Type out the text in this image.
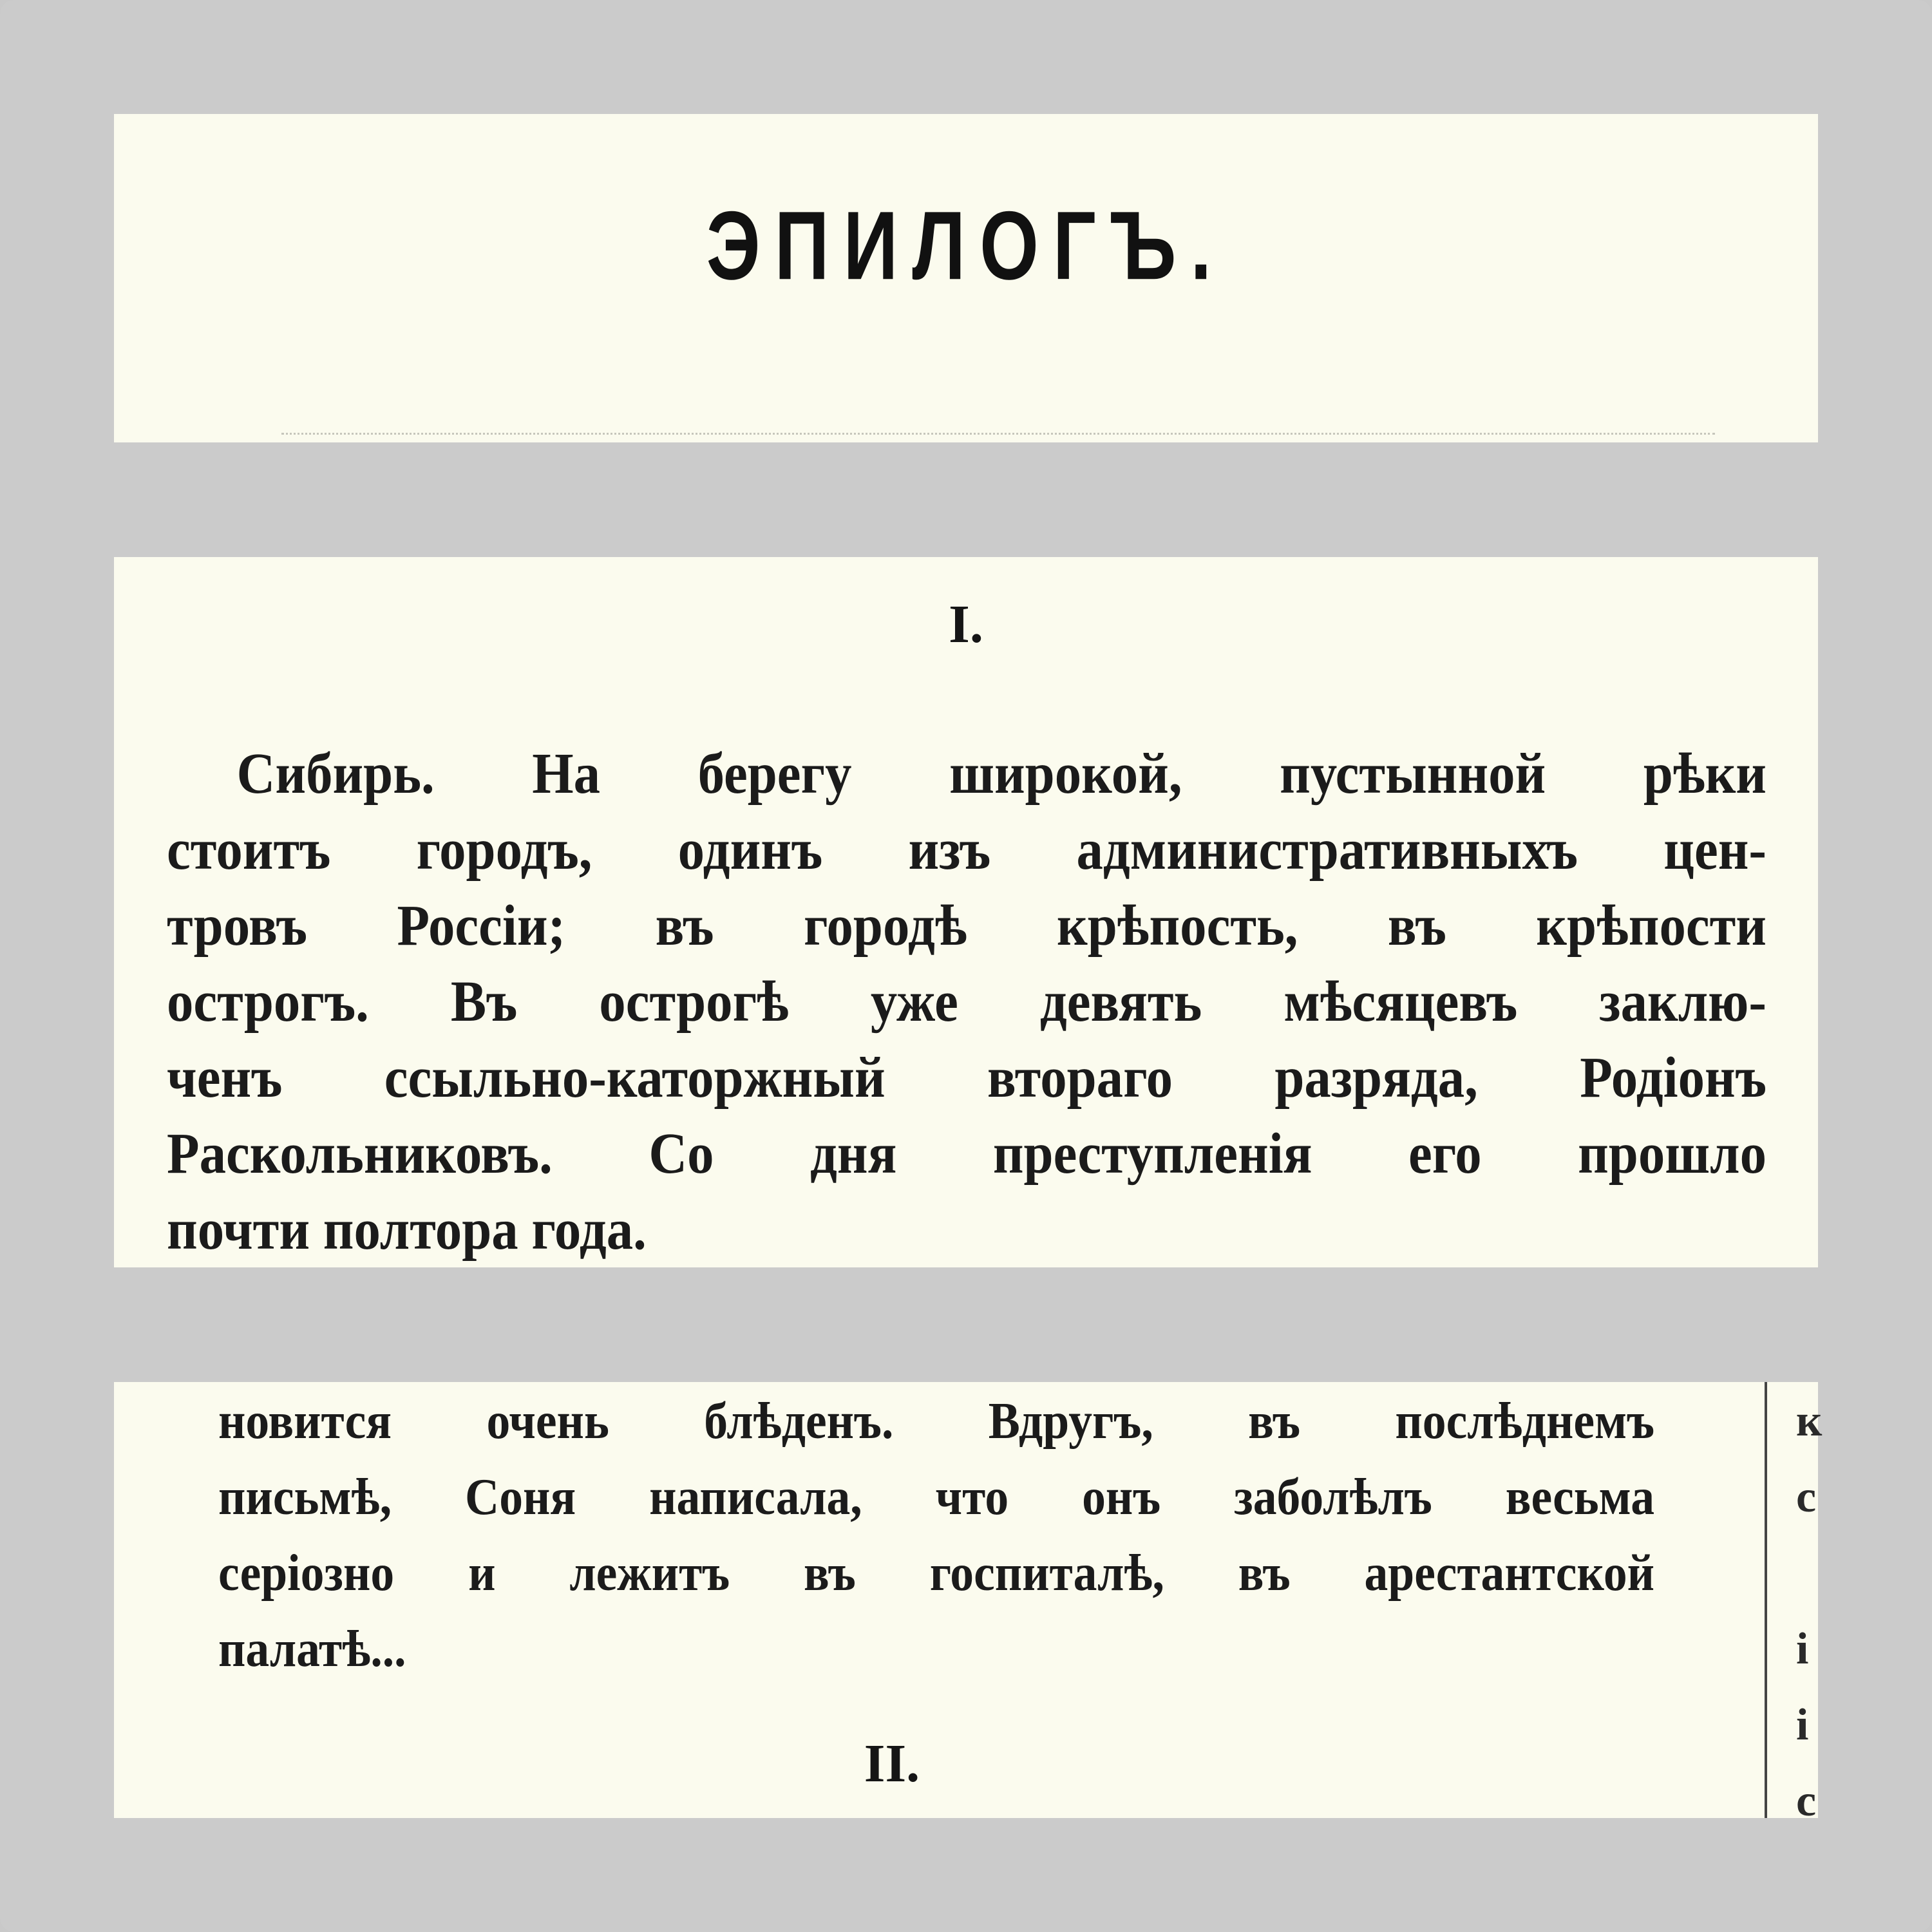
ЭПИЛОГЪ.
I.
Сибирь. На берегу широкой, пустынной рѣки
стоитъ городъ, одинъ изъ административныхъ цен-
тровъ Россіи; въ городѣ крѣпость, въ крѣпости
острогъ. Въ острогѣ уже девять мѣсяцевъ заклю-
ченъ ссыльно-каторжный втораго разряда, Родіонъ
Раскольниковъ. Со дня преступленія его прошло
почти полтора года.
новится очень блѣденъ. Вдругъ, въ послѣднемъ
письмѣ, Соня написала, что онъ заболѣлъ весьма
серіозно и лежитъ въ госпиталѣ, въ арестантской
палатѣ...
II.
к
с
і
і
с
